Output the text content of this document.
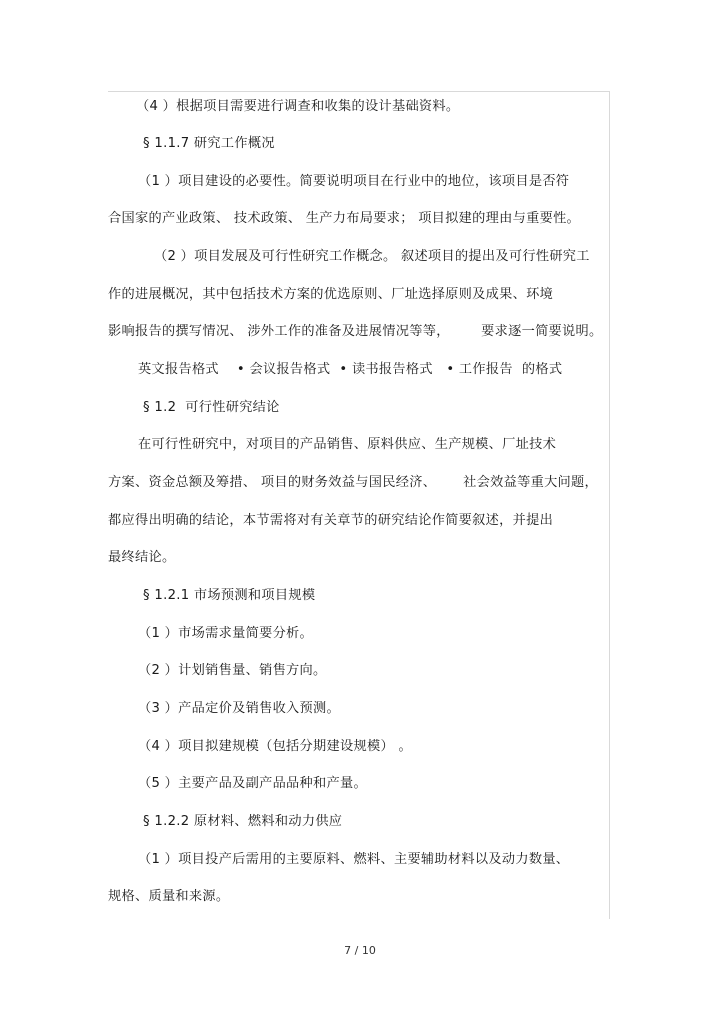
（4 ）根据项目需要进行调查和收集的设计基础资料。
§ 1.1.7 研究工作概况
（1 ）项目建设的必要性。简要说明项目在行业中的地位，该项目是否符
合国家的产业政策、 技术政策、 生产力布局要求； 项目拟建的理由与重要性。
（2 ）项目发展及可行性研究工作概念。 叙述项目的提出及可行性研究工
作的进展概况，其中包括技术方案的优选原则、厂址选择原则及成果、环境
影响报告的撰写情况、 涉外工作的准备及进展情况等等，       要求逐一简要说明。
英文报告格式    • 会议报告格式  • 读书报告格式   • 工作报告  的格式
§ 1.2  可行性研究结论
在可行性研究中，对项目的产品销售、原料供应、生产规模、厂址技术
方案、资金总额及筹措、 项目的财务效益与国民经济、      社会效益等重大问题，
都应得出明确的结论，本节需将对有关章节的研究结论作简要叙述，并提出
最终结论。
§ 1.2.1 市场预测和项目规模
（1 ）市场需求量简要分析。
（2 ）计划销售量、销售方向。
（3 ）产品定价及销售收入预测。
（4 ）项目拟建规模（包括分期建设规模） 。
（5 ）主要产品及副产品品种和产量。
§ 1.2.2 原材料、燃料和动力供应
（1 ）项目投产后需用的主要原料、燃料、主要辅助材料以及动力数量、
规格、质量和来源。
7 / 10
